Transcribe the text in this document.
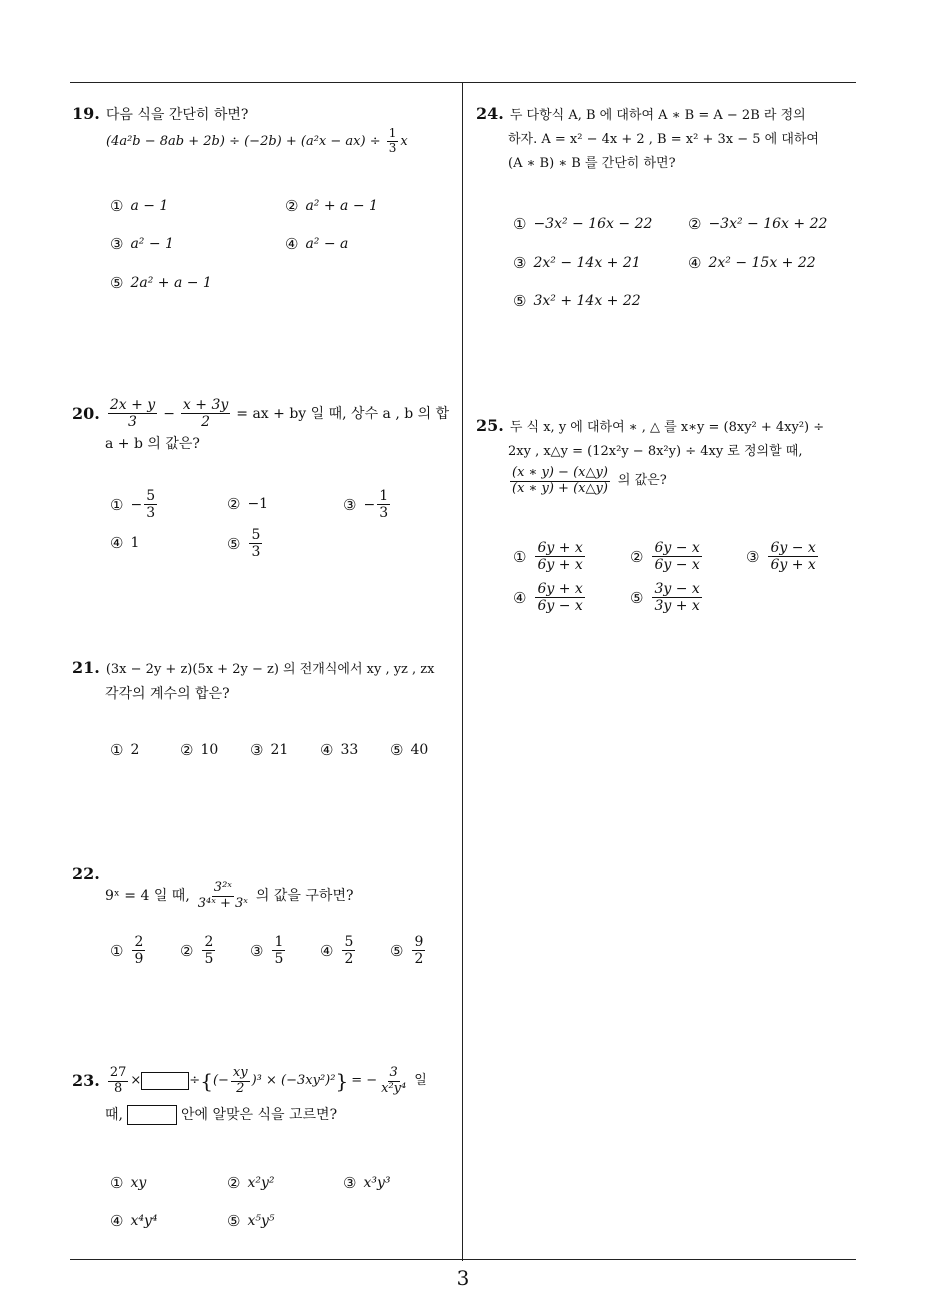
3
19. 다음 식을 간단히 하면?
$(4a^2b - 8ab + 2b) \div (-2b) + (a^2x - ax) \div \frac{1}{3}$ x
① a − 1	② a² + a − 1
③ a² − 1	④ a² − a
⑤ 2a² + a − 1
20. $\frac{2x + y}{3} - \frac{x + 3y}{2}$ = ax + by 일 때, 상수 a , b 의 합
a + b 의 값은?
① − $\frac{5}{3}$	② −1	③ − $\frac{1}{3}$
④ 1	⑤ $\frac{5}{3}$
21. (3x − 2y + z)(5x + 2y − z) 의 전개식에서 xy , yz , zx
각각의 계수의 합은?
① 2	② 10 ③ 21 ④ 33 ⑤ 40
22.
9ˣ = 4 일 때, $\frac{\text{3²ˣ}}{\text{3⁴ˣ + 3ˣ}}$ 의 값을 구하면?
① $\frac{2}{9}$ ② $\frac{2}{5}$ ③ $\frac{1}{5}$ ④ $\frac{5}{2}$ ⑤ $\frac{9}{2}$
23. $\frac{27}{8}$ ×	÷ { (− $\frac{xy}{2} )^3 \times (-3xy^2)^2$ } = − $\frac{3}{\text{x²y⁴}}$ 일
때,	안에 알맞은 식을 고르면?
① xy	② x²y²	③ x³y³
④ x⁴y⁴	⑤ x⁵y⁵
24. 두 다항식 A, B 에 대하여 A ∗ B = A − 2B 라 정의
하자. A = x² − 4x + 2 , B = x² + 3x − 5 에 대하여
(A ∗ B) ∗ B 를 간단히 하면?
① −3x² − 16x − 22 ② −3x² − 16x + 22
③ 2x² − 14x + 21	④ 2x² − 15x + 22
⑤ 3x² + 14x + 22
25. 두 식 x, y 에 대하여 ∗ , △ 를 x∗y = (8xy² + 4xy²) ÷
2xy , x△y = (12x²y − 8x²y) ÷ 4xy 로 정의할 때,
$\frac{(x ∗ y) - (x\triangle y)}{(x ∗ y) + (x\triangle y)}$ 의 값은?
① $\frac{6y + x}{6y + x}$	② $\frac{6y - x}{6y - x}$	③ $\frac{6y - x}{6y + x}$
④ $\frac{6y + x}{6y - x}$	⑤ $\frac{3y - x}{3y + x}$
